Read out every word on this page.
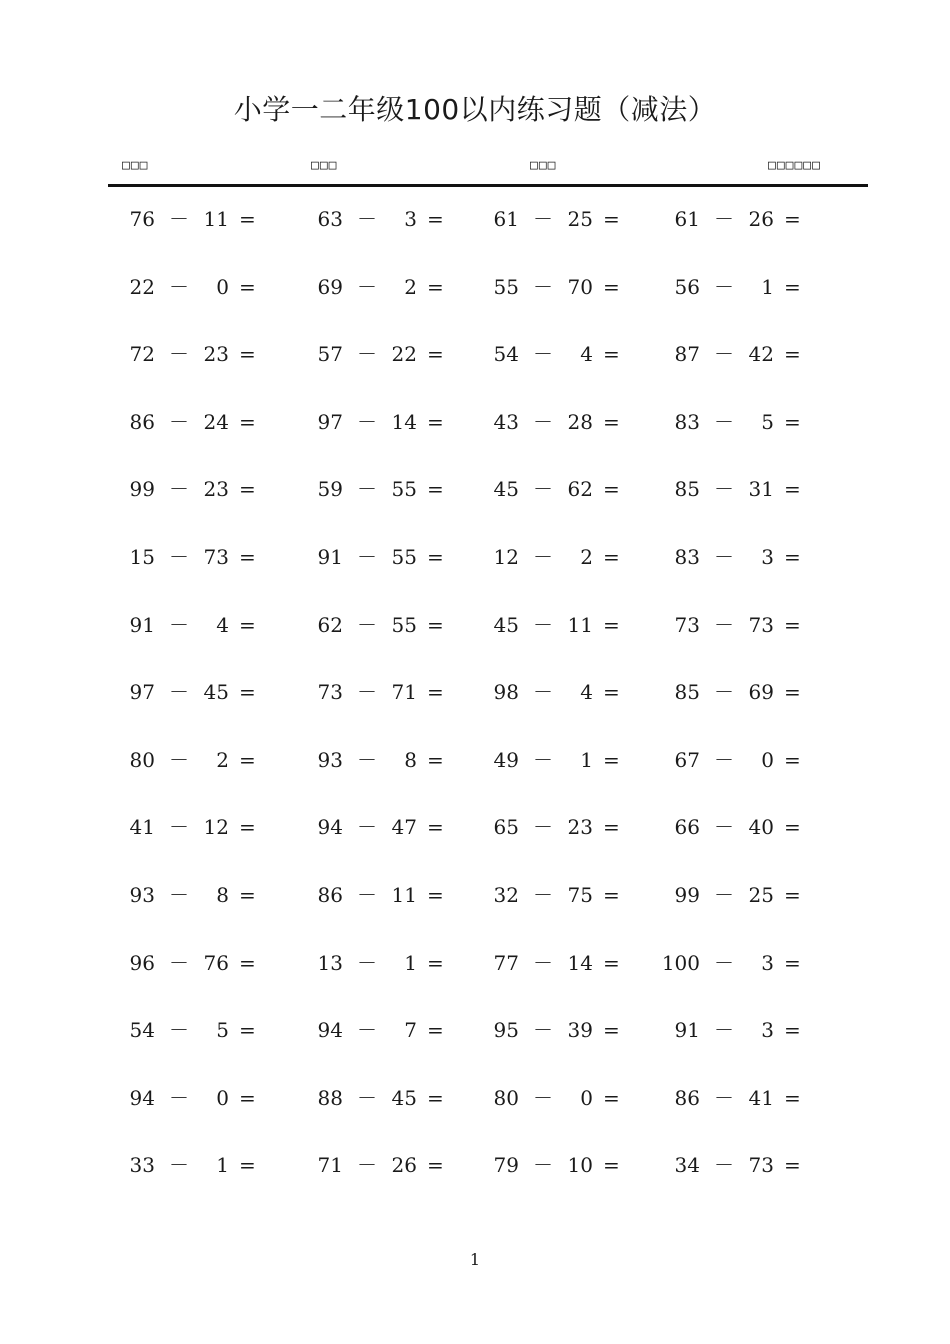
小学一二年级100以内练习题（减法）
□□□	□□□	□□□	□□□□□□
76 － 11 =	63 －	3 = 61 － 25 =	61 － 26 =
22 －	0 =	69 －	2 = 55 － 70 =	56 －	1 =
72 － 23 =	57 － 22 = 54 －	4 =	87 － 42 =
86 － 24 =	97 － 14 = 43 － 28 =	83 －	5 =
99 － 23 =	59 － 55 = 45 － 62 =	85 － 31 =
15 － 73 =	91 － 55 = 12 －	2 =	83 －	3 =
91 －	4 =	62 － 55 = 45 － 11 =	73 － 73 =
97 － 45 =	73 － 71 = 98 －	4 =	85 － 69 =
80 －	2 =	93 －	8 = 49 －	1 =	67 －	0 =
41 － 12 =	94 － 47 = 65 － 23 =	66 － 40 =
93 －	8 =	86 － 11 = 32 － 75 =	99 － 25 =
96 － 76 =	13 －	1 = 77 － 14 = 100 －	3 =
54 －	5 =	94 －	7 = 95 － 39 =	91 －	3 =
94 －	0 =	88 － 45 = 80 －	0 =	86 － 41 =
33 －	1 =	71 － 26 = 79 － 10 =	34 － 73 =
1
